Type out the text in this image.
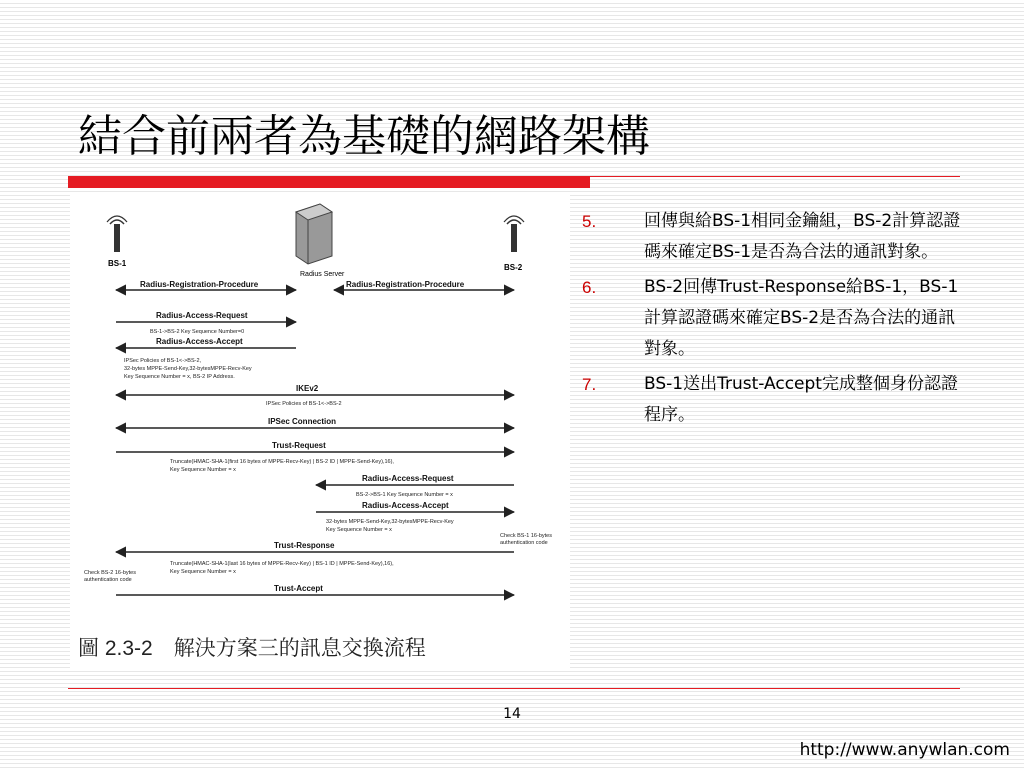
結合前兩者為基礎的網路架構
BS-1
Radius Server
BS-2
Radius-Registration-Procedure	Radius-Registration-Procedure
Radius-Access-Request
Radius-Access-Accept
IKEv2
IPSec Connection
Trust-Request
Radius-Access-Request
Radius-Access-Accept
Trust-Response
Trust-Accept
BS-1->BS-2 Key Sequence Number=0
IPSec Policies of BS-1<->BS-2,
32-bytes MPPE-Send-Key,32-bytesMPPE-Recv-Key
Key Sequence Number = x, BS-2 IP Address.
IPSec Policies of BS-1<->BS-2
Truncate(HMAC-SHA-1(first 16 bytes of MPPE-Recv-Key) | BS-2 ID | MPPE-Send-Key),16),
Key Sequence Number = x
BS-2->BS-1 Key Sequence Number = x
32-bytes MPPE-Send-Key,32-bytesMPPE-Recv-Key
Key Sequence Number = x
Check BS-1 16-bytes
authentication code
Truncate(HMAC-SHA-1(last 16 bytes of MPPE-Recv-Key) | BS-1 ID | MPPE-Send-Key),16),
Key Sequence Number = x
Check BS-2 16-bytes
authentication code
圖 2.3-2　解決方案三的訊息交換流程
5.	回傳與給BS-1相同金鑰組，BS-2計算認證碼來確定BS-1是否為合法的通訊對象。
6.	BS-2回傳Trust-Response給BS-1，BS-1計算認證碼來確定BS-2是否為合法的通訊對象。
7.	BS-1送出Trust-Accept完成整個身份認證程序。
14
http://www.anywlan.com
